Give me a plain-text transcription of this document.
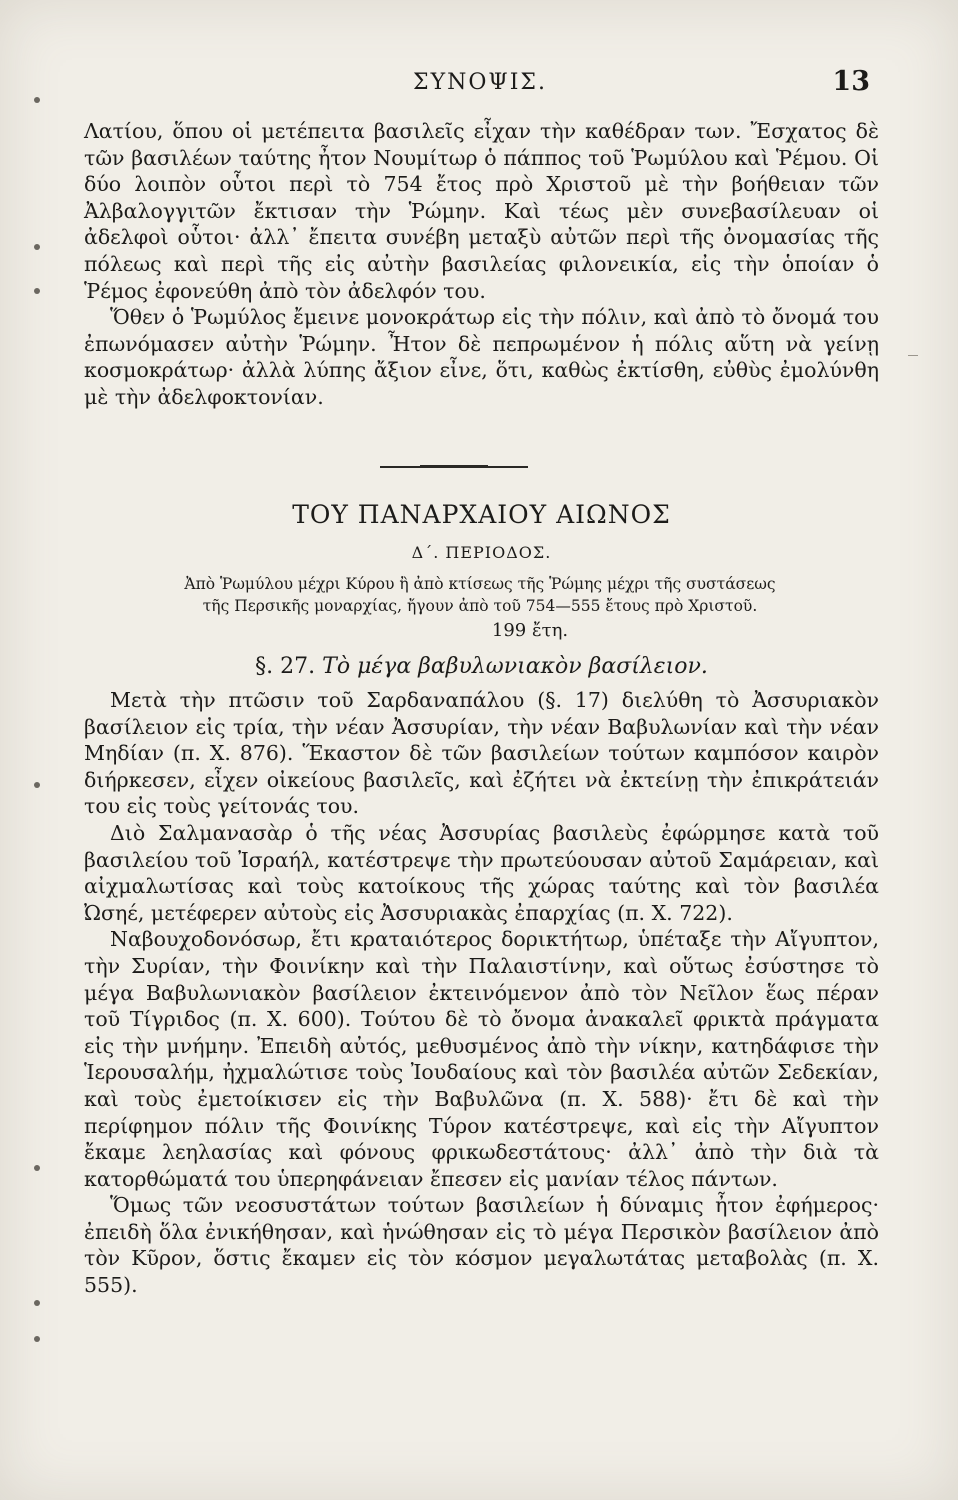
ΣΥΝΟΨΙΣ.	13

Λατίου, ὅπου οἱ μετέπειτα βασιλεῖς εἶχαν τὴν καθέδραν των. Ἔσχατος δὲ τῶν βασιλέων ταύτης ἦτον Νουμίτωρ ὁ πάππος τοῦ Ῥωμύλου καὶ Ῥέμου. Οἱ δύο λοιπὸν οὗτοι περὶ τὸ 754 ἔτος πρὸ Χριστοῦ μὲ τὴν βοήθειαν τῶν Ἀλβαλογγιτῶν ἔκτισαν τὴν Ῥώμην. Καὶ τέως μὲν συνεβασίλευαν οἱ ἀδελφοὶ οὗτοι· ἀλλ᾽ ἔπειτα συνέβη μεταξὺ αὐτῶν περὶ τῆς ὀνομασίας τῆς πόλεως καὶ περὶ τῆς εἰς αὐτὴν βασιλείας φιλονεικία, εἰς τὴν ὁποίαν ὁ Ῥέμος ἐφονεύθη ἀπὸ τὸν ἀδελφόν του.

Ὅθεν ὁ Ῥωμύλος ἔμεινε μονοκράτωρ εἰς τὴν πόλιν, καὶ ἀπὸ τὸ ὄνομά του ἐπωνόμασεν αὐτὴν Ῥώμην. Ἦτον δὲ πεπρωμένον ἡ πόλις αὕτη νὰ γείνῃ κοσμοκράτωρ· ἀλλὰ λύπης ἄξιον εἶνε, ὅτι, καθὼς ἐκτίσθη, εὐθὺς ἐμολύνθη μὲ τὴν ἀδελφοκτονίαν.

ΤΟΥ ΠΑΝΑΡΧΑΙΟΥ ΑΙΩΝΟΣ
Δ΄. ΠΕΡΙΟΔΟΣ.
Ἀπὸ Ῥωμύλου μέχρι Κύρου ἢ ἀπὸ κτίσεως τῆς Ῥώμης μέχρι τῆς συστάσεως
τῆς Περσικῆς μοναρχίας, ἤγουν ἀπὸ τοῦ 754—555 ἔτους πρὸ Χριστοῦ.
199 ἔτη.
§. 27. Τὸ μέγα βαβυλωνιακὸν βασίλειον.

Μετὰ τὴν πτῶσιν τοῦ Σαρδαναπάλου (§. 17) διελύθη τὸ Ἀσσυριακὸν βασίλειον εἰς τρία, τὴν νέαν Ἀσσυρίαν, τὴν νέαν Βαβυλωνίαν καὶ τὴν νέαν Μηδίαν (π. Χ. 876). Ἕκαστον δὲ τῶν βασιλείων τούτων καμπόσον καιρὸν διήρκεσεν, εἶχεν οἰκείους βασιλεῖς, καὶ ἐζήτει νὰ ἐκτείνῃ τὴν ἐπικράτειάν του εἰς τοὺς γείτονάς του.

Διὸ Σαλμανασὰρ ὁ τῆς νέας Ἀσσυρίας βασιλεὺς ἐφώρμησε κατὰ τοῦ βασιλείου τοῦ Ἰσραήλ, κατέστρεψε τὴν πρωτεύουσαν αὐτοῦ Σαμάρειαν, καὶ αἰχμαλωτίσας καὶ τοὺς κατοίκους τῆς χώρας ταύτης καὶ τὸν βασιλέα Ὠσηέ, μετέφερεν αὐτοὺς εἰς Ἀσσυριακὰς ἐπαρχίας (π. Χ. 722).

Ναβουχοδονόσωρ, ἔτι κραταιότερος δορικτήτωρ, ὑπέταξε τὴν Αἴγυπτον, τὴν Συρίαν, τὴν Φοινίκην καὶ τὴν Παλαιστίνην, καὶ οὕτως ἐσύστησε τὸ μέγα Βαβυλωνιακὸν βασίλειον ἐκτεινόμενον ἀπὸ τὸν Νεῖλον ἕως πέραν τοῦ Τίγριδος (π. Χ. 600). Τούτου δὲ τὸ ὄνομα ἀνακαλεῖ φρικτὰ πράγματα εἰς τὴν μνήμην. Ἐπειδὴ αὐτός, μεθυσμένος ἀπὸ τὴν νίκην, κατηδάφισε τὴν Ἱερουσαλήμ, ἠχμαλώτισε τοὺς Ἰουδαίους καὶ τὸν βασιλέα αὐτῶν Σεδεκίαν, καὶ τοὺς ἐμετοίκισεν εἰς τὴν Βαβυλῶνα (π. Χ. 588)· ἔτι δὲ καὶ τὴν περίφημον πόλιν τῆς Φοινίκης Τύρον κατέστρεψε, καὶ εἰς τὴν Αἴγυπτον ἔκαμε λεηλασίας καὶ φόνους φρικωδεστάτους· ἀλλ᾽ ἀπὸ τὴν διὰ τὰ κατορθώματά του ὑπερηφάνειαν ἔπεσεν εἰς μανίαν τέλος πάντων.

Ὅμως τῶν νεοσυστάτων τούτων βασιλείων ἡ δύναμις ἦτον ἐφήμερος· ἐπειδὴ ὅλα ἐνικήθησαν, καὶ ἡνώθησαν εἰς τὸ μέγα Περσικὸν βασίλειον ἀπὸ τὸν Κῦρον, ὅστις ἔκαμεν εἰς τὸν κόσμον μεγαλωτάτας μεταβολὰς (π. Χ. 555).
